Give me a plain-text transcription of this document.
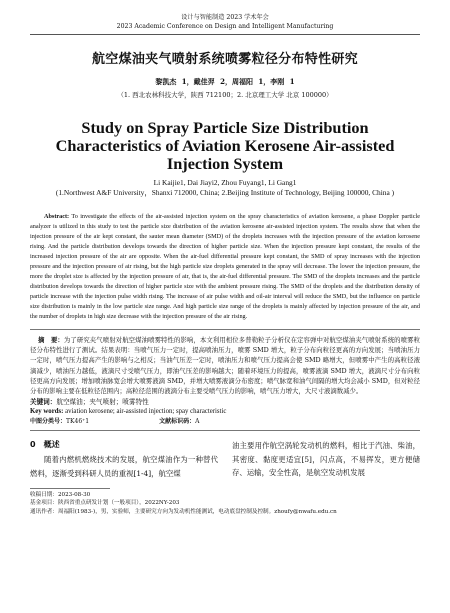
设计与智能制造 2023 学术年会
2023 Academic Conference on Design and Intelligent Manufacturing
航空煤油夹气喷射系统喷雾粒径分布特性研究
黎凯杰 1，戴佳羿 2，周福阳 1，李刚 1
（1. 西北农林科技大学，陕西 712100；2. 北京理工大学 北京 100000）
Study on Spray Particle Size Distribution Characteristics of Aviation Kerosene Air-assisted Injection System
Li Kaijie1, Dai Jiayi2, Zhou Fuyang1, Li Gang1
(1.Northwest A&F University，Shanxi 712000, China; 2.Beijing Institute of Technology, Beijing 100000, China )
Abstract: To investigate the effects of the air-assisted injection system on the spray characteristics of aviation kerosene, a phase Doppler particle analyzer is utilized in this study to test the particle size distribution of the aviation kerosene air-assisted injection system. The results show that when the injection pressure of the air kept constant, the sauter mean diameter (SMD) of the droplets increases with the injection pressure of the aviation kerosene rising. And the particle distribution develops towards the direction of higher particle size. When the injection pressure kept constant, the results of the increased injection pressure of the air are opposite. When the air-fuel differential pressure kept constant, the SMD of spray increases with the injection pressure and the injection pressure of air rising, but the high particle size droplets generated in the spray will decrease. The lower the injection pressure, the more the droplet size is affected by the injection pressure of air, that is, the air-fuel differential pressure. The SMD of the droplets increases and the particle distribution develops towards the direction of higher particle size with the ambient pressure rising. The SMD of the droplets and the distribution density of particle increase with the injection pulse width rising. The increase of air pulse width and oil-air interval will reduce the SMD, but the influence on particle size distribution is mainly in the low particle size range. And high particle size range of the droplets is mainly affected by injection pressure of the air, and the number of droplets in high size decrease with the injection pressure of the air rising.
摘　要：为了研究夹气喷射对航空煤油喷雾特性的影响，本文利用相位多普勒粒子分析仪在定容弹中对航空煤油夹气喷射系统的喷雾粒径分布特性进行了测试。结果表明：当喷气压力一定时，提高喷油压力，喷雾 SMD 增大，粒子分布向粒径更高的方向发展；当喷油压力一定时，喷气压力提高产生的影响与之相反；当油气压差一定时，喷油压力和喷气压力提高会使 SMD 略增大，但喷雾中产生的高粒径液滴减少，喷油压力越低，液滴尺寸受喷气压力，即油气压差的影响越大；随着环境压力的提高，喷雾液滴 SMD 增大，液滴尺寸分布向粒径更高方向发展；增加喷油脉宽会增大喷雾液滴 SMD，并增大喷雾液滴分布密度；喷气脉宽和油气间隔的增大均会减小 SMD，但对粒径分布的影响主要在低粒径范围内；高粒径范围的液滴分布主要受喷气压力的影响，喷气压力增大，大尺寸液滴数减少。
关键词：航空煤油；夹气喷射；喷雾特性
Key words: aviation kerosene; air-assisted injection; spay characteristic
中图分类号：TK46⁺1	文献标识码：A
0　概述
随着内燃机燃烧技术的发展，航空煤油作为一种替代燃料，逐渐受到科研人员的重视[1-4]，航空煤
油主要用作航空涡轮发动机的燃料，相比于汽油、柴油，其密度、黏度更适宜[5]，闪点高，不易挥发，更方便储存、运输，安全性高，是航空发动机发展
收稿日期：2023-08-30
基金项目：陕西省重点研发计划（一般项目），2022NY-203
通讯作者：周福阳(1983-)，男，实验师，主要研究方向为发动机性能测试，电动底盘控制及控制。zhoufy@nwafu.edu.cn
